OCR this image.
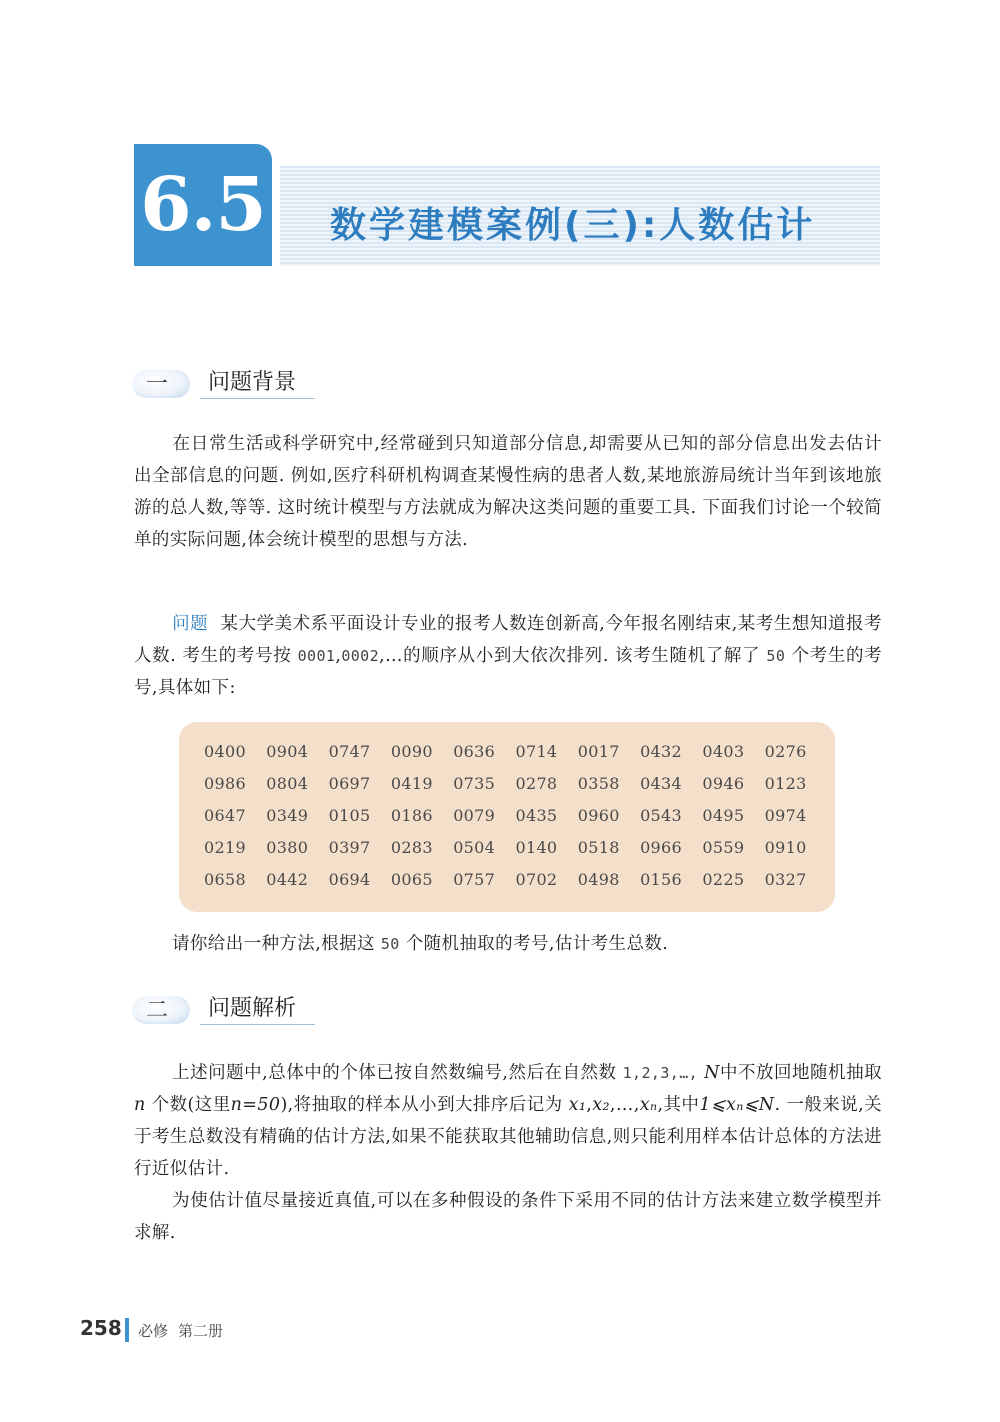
6.5 数学建模案例(三):人数估计
一	问题背景

在日常生活或科学研究中,经常碰到只知道部分信息,却需要从已知的部分信息出发去估计出全部信息的问题. 例如,医疗科研机构调查某慢性病的患者人数,某地旅游局统计当年到该地旅游的总人数,等等. 这时统计模型与方法就成为解决这类问题的重要工具. 下面我们讨论一个较简单的实际问题,体会统计模型的思想与方法.

问题 某大学美术系平面设计专业的报考人数连创新高,今年报名刚结束,某考生想知道报考人数. 考生的考号按 0001,0002,…的顺序从小到大依次排列. 该考生随机了解了 50 个考生的考号,具体如下:

0400	0904	0747	0090	0636	0714	0017	0432	0403	0276
0986	0804	0697	0419	0735	0278	0358	0434	0946	0123
0647	0349	0105	0186	0079	0435	0960	0543	0495	0974
0219	0380	0397	0283	0504	0140	0518	0966	0559	0910
0658	0442	0694	0065	0757	0702	0498	0156	0225	0327

请你给出一种方法,根据这 50 个随机抽取的考号,估计考生总数.

二	问题解析

上述问题中,总体中的个体已按自然数编号,然后在自然数 1,2,3,…, N中不放回地随机抽取 n 个数(这里n=50),将抽取的样本从小到大排序后记为 x₁,x₂,…,xₙ,其中1⩽xₙ⩽N. 一般来说,关于考生总数没有精确的估计方法,如果不能获取其他辅助信息,则只能利用样本估计总体的方法进行近似估计.

为使估计值尽量接近真值,可以在多种假设的条件下采用不同的估计方法来建立数学模型并求解.

258 必修 第二册
